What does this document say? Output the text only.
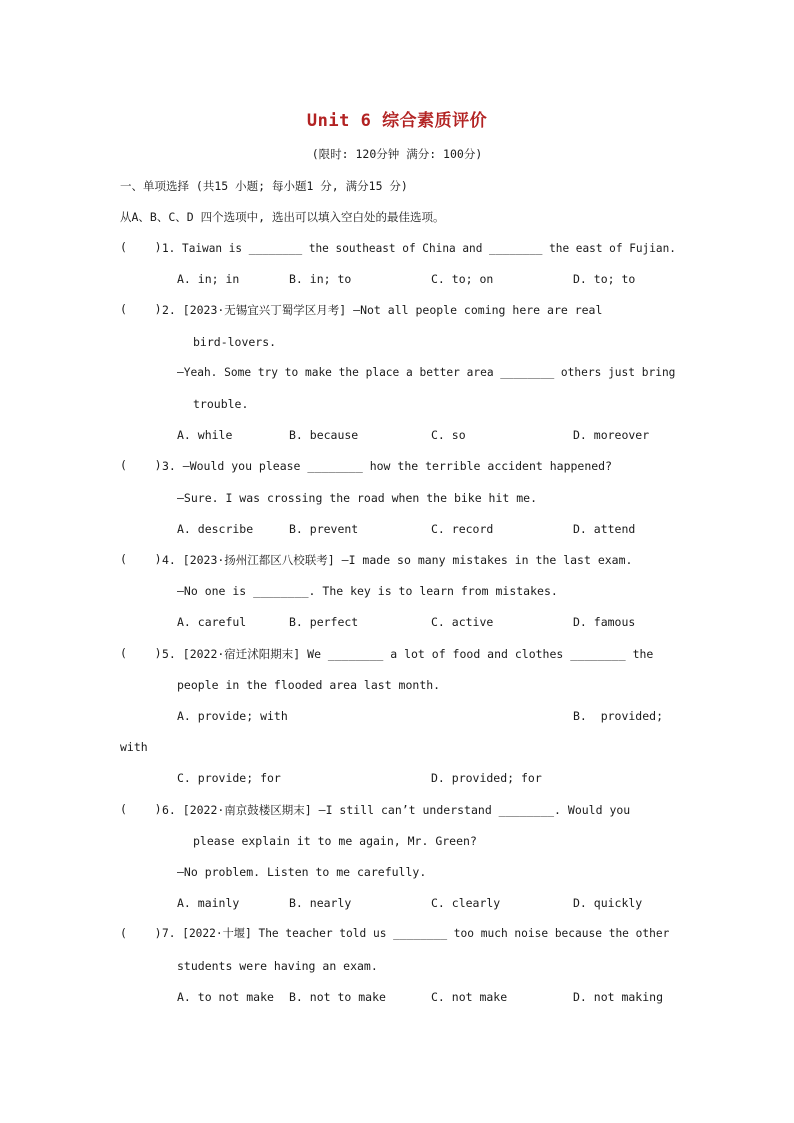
Unit 6 综合素质评价
(限时: 120分钟 满分: 100分)
一、单项选择 (共15 小题; 每小题1 分, 满分15 分)
从A、B、C、D 四个选项中, 选出可以填入空白处的最佳选项。
(    ) 1. Taiwan is ________ the southeast of China and ________ the east of Fujian.
A. in; in	B. in; to	C. to; on	D. to; to
(    ) 2. [2023·无锡宜兴丁蜀学区月考] —Not all people coming here are real
bird-lovers.
—Yeah. Some try to make the place a better area ________ others just bring
trouble.
A. while	B. because	C. so	D. moreover
(    ) 3. —Would you please ________ how the terrible accident happened?
—Sure. I was crossing the road when the bike hit me.
A. describe	B. prevent	C. record	D. attend
(    ) 4. [2023·扬州江都区八校联考] —I made so many mistakes in the last exam.
—No one is ________. The key is to learn from mistakes.
A. careful	B. perfect	C. active	D. famous
(    ) 5. [2022·宿迁沭阳期末] We ________ a lot of food and clothes ________ the
people in the flooded area last month.
A. provide; with	B.  provided;
with
C. provide; for	D. provided; for
(    ) 6. [2022·南京鼓楼区期末] —I still can’t understand ________. Would you
please explain it to me again, Mr. Green?
—No problem. Listen to me carefully.
A. mainly	B. nearly	C. clearly	D. quickly
(    ) 7. [2022·十堰] The teacher told us ________ too much noise because the other
students were having an exam.
A. to not make B. not to make	C. not make	D. not making
